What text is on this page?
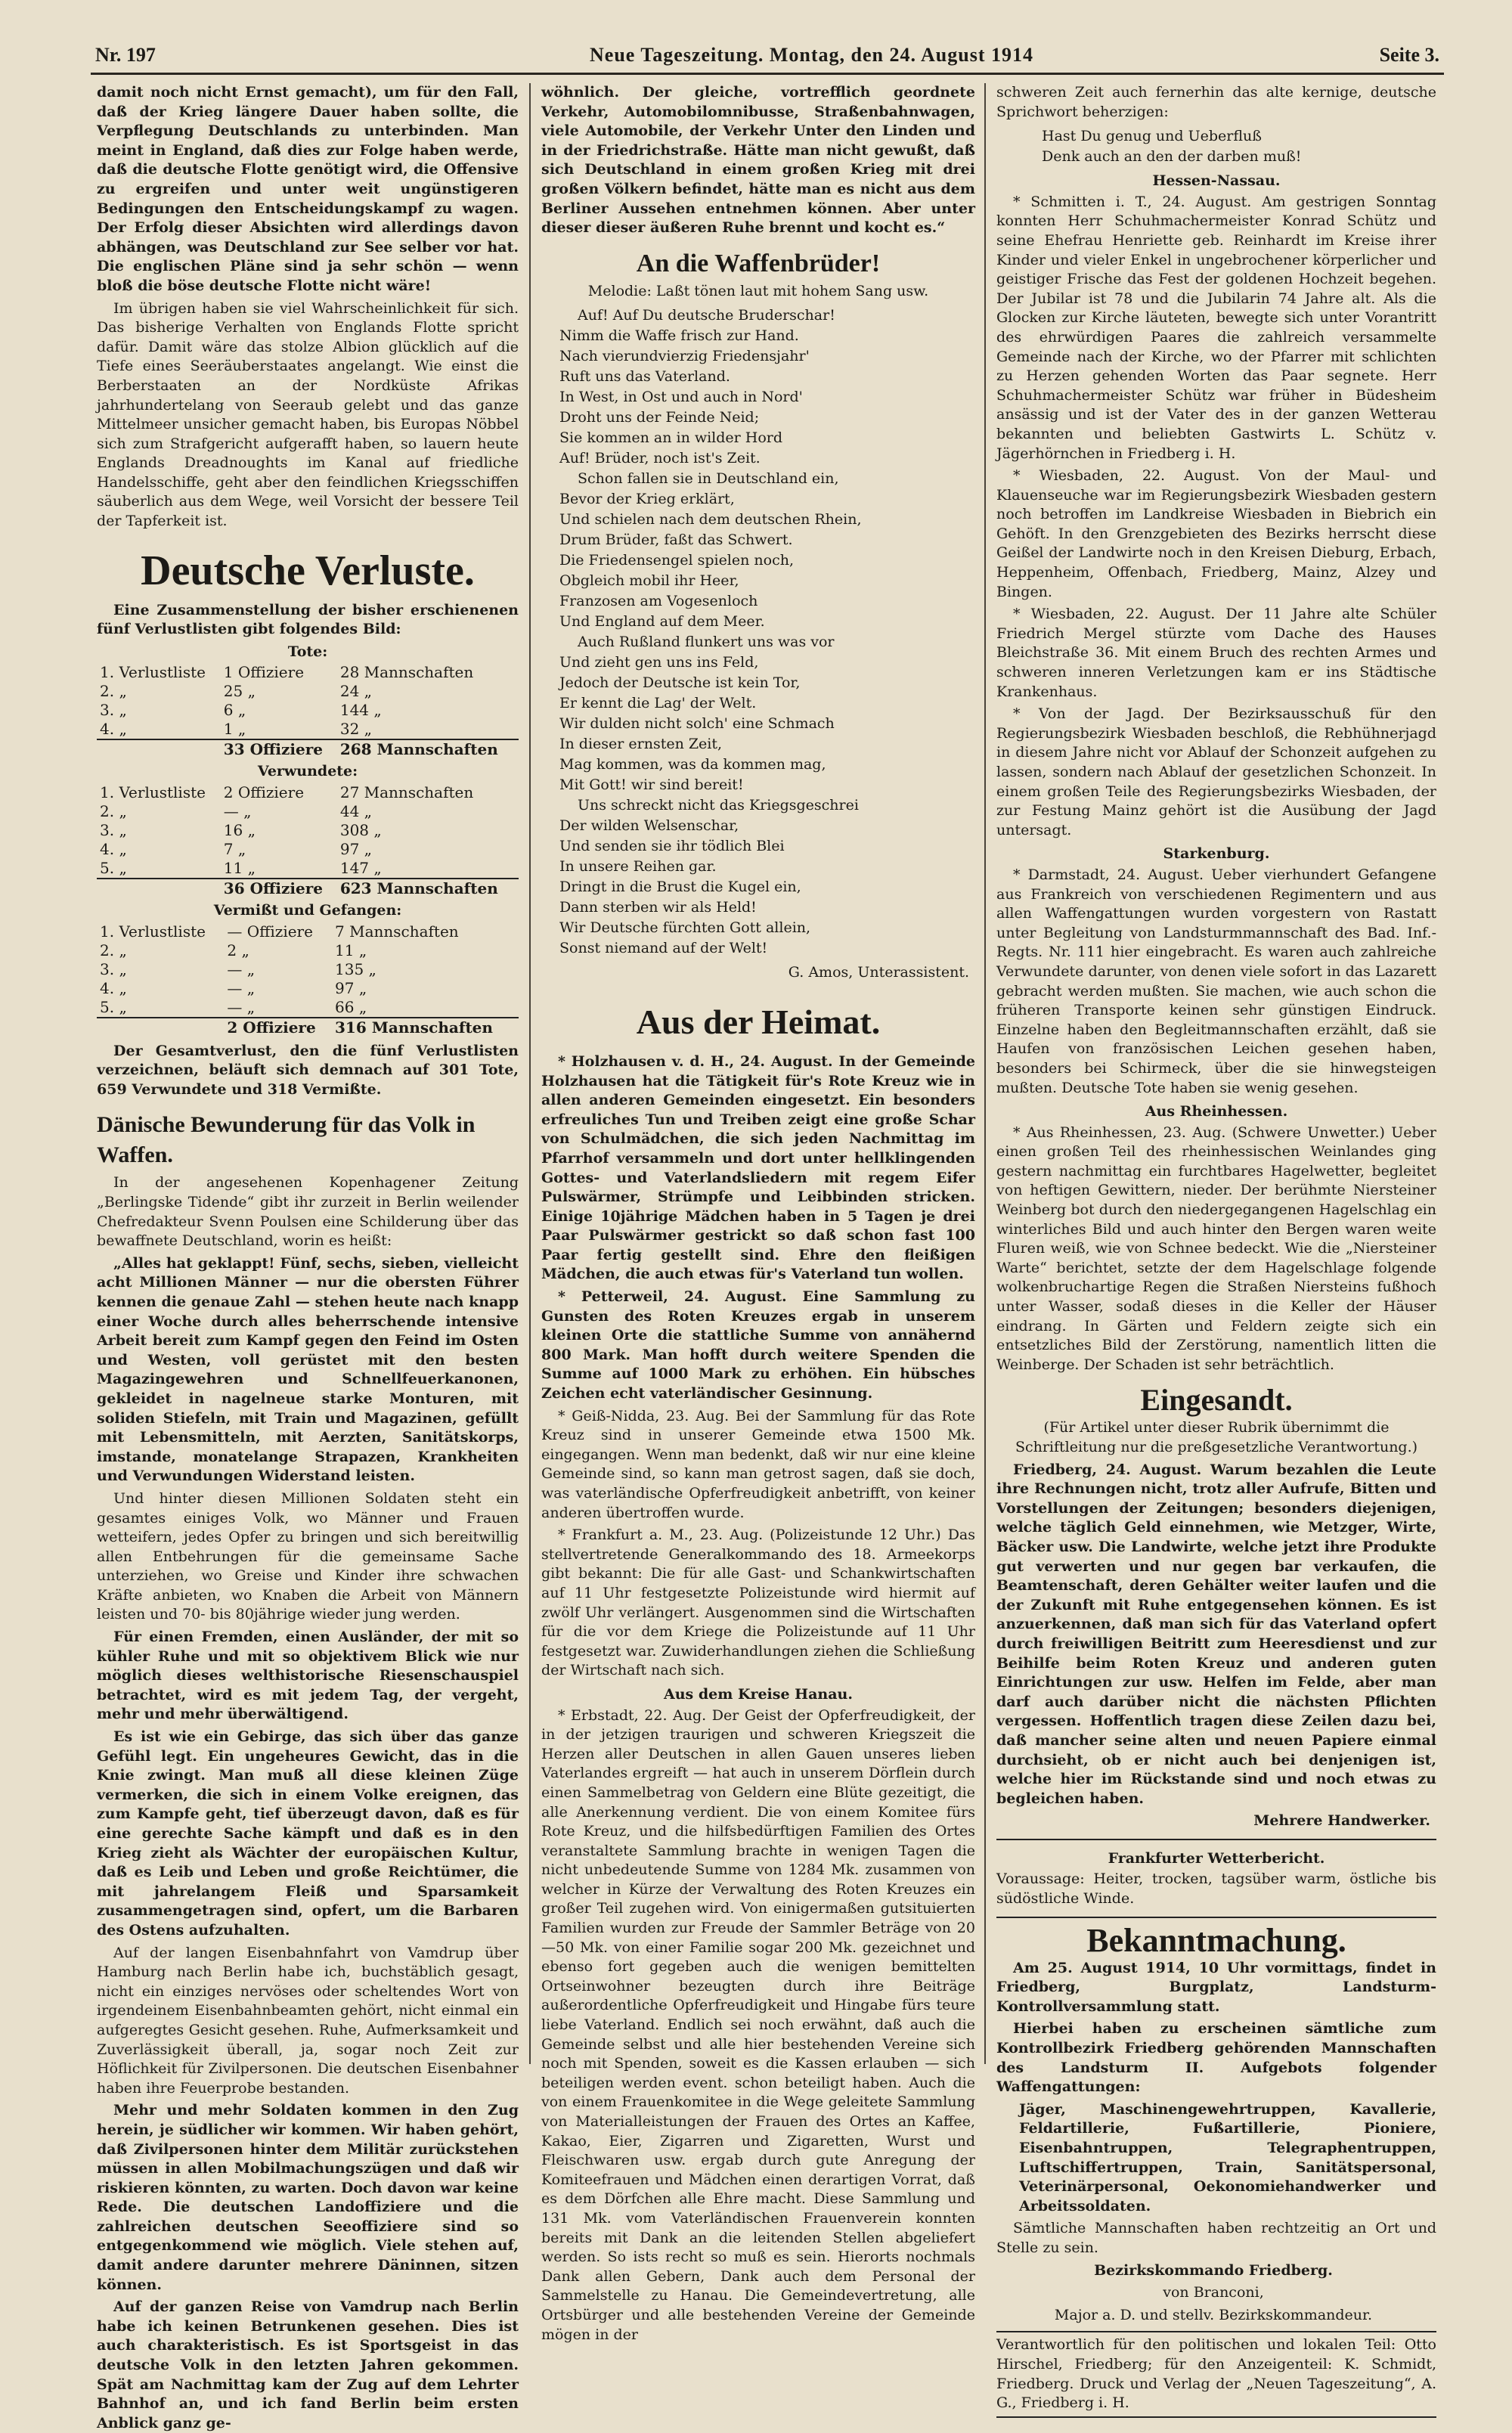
Nr. 197	Neue Tageszeitung. Montag, den 24. August 1914	Seite 3.

damit noch nicht Ernst gemacht), um für den Fall, daß der Krieg längere Dauer haben sollte, die Verpflegung Deutschlands zu unterbinden. Man meint in England, daß dies zur Folge haben werde, daß die deutsche Flotte genötigt wird, die Offensive zu ergreifen und unter weit ungünstigeren Bedingungen den Entscheidungskampf zu wagen. Der Erfolg dieser Absichten wird allerdings davon abhängen, was Deutschland zur See selber vor hat. Die englischen Pläne sind ja sehr schön — wenn bloß die böse deutsche Flotte nicht wäre!

Im übrigen haben sie viel Wahrscheinlichkeit für sich. Das bisherige Verhalten von Englands Flotte spricht dafür. Damit wäre das stolze Albion glücklich auf die Tiefe eines Seeräuberstaates angelangt. Wie einst die Berberstaaten an der Nordküste Afrikas jahrhundertelang von Seeraub gelebt und das ganze Mittelmeer unsicher gemacht haben, bis Europas Nöbbel sich zum Strafgericht aufgerafft haben, so lauern heute Englands Dreadnoughts im Kanal auf friedliche Handelsschiffe, geht aber den feindlichen Kriegsschiffen säuberlich aus dem Wege, weil Vorsicht der bessere Teil der Tapferkeit ist.

Deutsche Verluste.

Eine Zusammenstellung der bisher erschienenen fünf Verlustlisten gibt folgendes Bild:

Tote:
1. Verlustliste	1 Offiziere	28 Mannschaften
2. „	25 „	24 „
3. „	6 „	144 „
4. „	1 „	32 „
	33 Offiziere	268 Mannschaften
Verwundete:
1. Verlustliste	2 Offiziere	27 Mannschaften
2. „	— „	44 „
3. „	16 „	308 „
4. „	7 „	97 „
5. „	11 „	147 „
	36 Offiziere	623 Mannschaften
Vermißt und Gefangen:
1. Verlustliste	— Offiziere	7 Mannschaften
2. „	2 „	11 „
3. „	— „	135 „
4. „	— „	97 „
5. „	— „	66 „
	2 Offiziere	316 Mannschaften

Der Gesamtverlust, den die fünf Verlustlisten verzeichnen, beläuft sich demnach auf 301 Tote, 659 Verwundete und 318 Vermißte.

Dänische Bewunderung für das Volk in Waffen.

In der angesehenen Kopenhagener Zeitung „Berlingske Tidende“ gibt ihr zurzeit in Berlin weilender Chefredakteur Svenn Poulsen eine Schilderung über das bewaffnete Deutschland, worin es heißt:

„Alles hat geklappt! Fünf, sechs, sieben, vielleicht acht Millionen Männer — nur die obersten Führer kennen die genaue Zahl — stehen heute nach knapp einer Woche durch alles beherrschende intensive Arbeit bereit zum Kampf gegen den Feind im Osten und Westen, voll gerüstet mit den besten Magazingewehren und Schnellfeuerkanonen, gekleidet in nagelneue starke Monturen, mit soliden Stiefeln, mit Train und Magazinen, gefüllt mit Lebensmitteln, mit Aerzten, Sanitätskorps, imstande, monatelange Strapazen, Krankheiten und Verwundungen Widerstand leisten.

Und hinter diesen Millionen Soldaten steht ein gesamtes einiges Volk, wo Männer und Frauen wetteifern, jedes Opfer zu bringen und sich bereitwillig allen Entbehrungen für die gemeinsame Sache unterziehen, wo Greise und Kinder ihre schwachen Kräfte anbieten, wo Knaben die Arbeit von Männern leisten und 70- bis 80jährige wieder jung werden.

Für einen Fremden, einen Ausländer, der mit so kühler Ruhe und mit so objektivem Blick wie nur möglich dieses welthistorische Riesenschauspiel betrachtet, wird es mit jedem Tag, der vergeht, mehr und mehr überwältigend.

Es ist wie ein Gebirge, das sich über das ganze Gefühl legt. Ein ungeheures Gewicht, das in die Knie zwingt. Man muß all diese kleinen Züge vermerken, die sich in einem Volke ereignen, das zum Kampfe geht, tief überzeugt davon, daß es für eine gerechte Sache kämpft und daß es in den Krieg zieht als Wächter der europäischen Kultur, daß es Leib und Leben und große Reichtümer, die mit jahrelangem Fleiß und Sparsamkeit zusammengetragen sind, opfert, um die Barbaren des Ostens aufzuhalten.

Auf der langen Eisenbahnfahrt von Vamdrup über Hamburg nach Berlin habe ich, buchstäblich gesagt, nicht ein einziges nervöses oder scheltendes Wort von irgendeinem Eisenbahnbeamten gehört, nicht einmal ein aufgeregtes Gesicht gesehen. Ruhe, Aufmerksamkeit und Zuverlässigkeit überall, ja, sogar noch Zeit zur Höflichkeit für Zivilpersonen. Die deutschen Eisenbahner haben ihre Feuerprobe bestanden.

Mehr und mehr Soldaten kommen in den Zug herein, je südlicher wir kommen. Wir haben gehört, daß Zivilpersonen hinter dem Militär zurückstehen müssen in allen Mobilmachungszügen und daß wir riskieren könnten, zu warten. Doch davon war keine Rede. Die deutschen Landoffiziere und die zahlreichen deutschen Seeoffiziere sind so entgegenkommend wie möglich. Viele stehen auf, damit andere darunter mehrere Däninnen, sitzen können.

Auf der ganzen Reise von Vamdrup nach Berlin habe ich keinen Betrunkenen gesehen. Dies ist auch charakteristisch. Es ist Sportsgeist in das deutsche Volk in den letzten Jahren gekommen. Spät am Nachmittag kam der Zug auf dem Lehrter Bahnhof an, und ich fand Berlin beim ersten Anblick ganz ge-

wöhnlich. Der gleiche, vortrefflich geordnete Verkehr, Automobilomnibusse, Straßenbahnwagen, viele Automobile, der Verkehr Unter den Linden und in der Friedrichstraße. Hätte man nicht gewußt, daß sich Deutschland in einem großen Krieg mit drei großen Völkern befindet, hätte man es nicht aus dem Berliner Aussehen entnehmen können. Aber unter dieser dieser äußeren Ruhe brennt und kocht es.“

An die Waffenbrüder!

Melodie: Laßt tönen laut mit hohem Sang usw.

Auf! Auf Du deutsche Bruderschar!
Nimm die Waffe frisch zur Hand.
Nach vierundvierzig Friedensjahr'
Ruft uns das Vaterland.
In West, in Ost und auch in Nord'
Droht uns der Feinde Neid;
Sie kommen an in wilder Hord
Auf! Brüder, noch ist's Zeit.
Schon fallen sie in Deutschland ein,
Bevor der Krieg erklärt,
Und schielen nach dem deutschen Rhein,
Drum Brüder, faßt das Schwert.
Die Friedensengel spielen noch,
Obgleich mobil ihr Heer,
Franzosen am Vogesenloch
Und England auf dem Meer.
Auch Rußland flunkert uns was vor
Und zieht gen uns ins Feld,
Jedoch der Deutsche ist kein Tor,
Er kennt die Lag' der Welt.
Wir dulden nicht solch' eine Schmach
In dieser ernsten Zeit,
Mag kommen, was da kommen mag,
Mit Gott! wir sind bereit!
Uns schreckt nicht das Kriegsgeschrei
Der wilden Welsenschar,
Und senden sie ihr tödlich Blei
In unsere Reihen gar.
Dringt in die Brust die Kugel ein,
Dann sterben wir als Held!
Wir Deutsche fürchten Gott allein,
Sonst niemand auf der Welt!
G. Amos, Unterassistent.
Aus der Heimat.

* Holzhausen v. d. H., 24. August. In der Gemeinde Holzhausen hat die Tätigkeit für's Rote Kreuz wie in allen anderen Gemeinden eingesetzt. Ein besonders erfreuliches Tun und Treiben zeigt eine große Schar von Schulmädchen, die sich jeden Nachmittag im Pfarrhof versammeln und dort unter hellklingenden Gottes- und Vaterlandsliedern mit regem Eifer Pulswärmer, Strümpfe und Leibbinden stricken. Einige 10jährige Mädchen haben in 5 Tagen je drei Paar Pulswärmer gestrickt so daß schon fast 100 Paar fertig gestellt sind. Ehre den fleißigen Mädchen, die auch etwas für's Vaterland tun wollen.

* Petterweil, 24. August. Eine Sammlung zu Gunsten des Roten Kreuzes ergab in unserem kleinen Orte die stattliche Summe von annähernd 800 Mark. Man hofft durch weitere Spenden die Summe auf 1000 Mark zu erhöhen. Ein hübsches Zeichen echt vaterländischer Gesinnung.

* Geiß-Nidda, 23. Aug. Bei der Sammlung für das Rote Kreuz sind in unserer Gemeinde etwa 1500 Mk. eingegangen. Wenn man bedenkt, daß wir nur eine kleine Gemeinde sind, so kann man getrost sagen, daß sie doch, was vaterländische Opferfreudigkeit anbetrifft, von keiner anderen übertroffen wurde.

* Frankfurt a. M., 23. Aug. (Polizeistunde 12 Uhr.) Das stellvertretende Generalkommando des 18. Armeekorps gibt bekannt: Die für alle Gast- und Schankwirtschaften auf 11 Uhr festgesetzte Polizeistunde wird hiermit auf zwölf Uhr verlängert. Ausgenommen sind die Wirtschaften für die vor dem Kriege die Polizeistunde auf 11 Uhr festgesetzt war. Zuwiderhandlungen ziehen die Schließung der Wirtschaft nach sich.

Aus dem Kreise Hanau.

* Erbstadt, 22. Aug. Der Geist der Opferfreudigkeit, der in der jetzigen traurigen und schweren Kriegszeit die Herzen aller Deutschen in allen Gauen unseres lieben Vaterlandes ergreift — hat auch in unserem Dörflein durch einen Sammelbetrag von Geldern eine Blüte gezeitigt, die alle Anerkennung verdient. Die von einem Komitee fürs Rote Kreuz, und die hilfsbedürftigen Familien des Ortes veranstaltete Sammlung brachte in wenigen Tagen die nicht unbedeutende Summe von 1284 Mk. zusammen von welcher in Kürze der Verwaltung des Roten Kreuzes ein großer Teil zugehen wird. Von einigermaßen gutsituierten Familien wurden zur Freude der Sammler Beträge von 20—50 Mk. von einer Familie sogar 200 Mk. gezeichnet und ebenso fort gegeben auch die wenigen bemittelten Ortseinwohner bezeugten durch ihre Beiträge außerordentliche Opferfreudigkeit und Hingabe fürs teure liebe Vaterland. Endlich sei noch erwähnt, daß auch die Gemeinde selbst und alle hier bestehenden Vereine sich noch mit Spenden, soweit es die Kassen erlauben — sich beteiligen werden event. schon beteiligt haben. Auch die von einem Frauenkomitee in die Wege geleitete Sammlung von Materialleistungen der Frauen des Ortes an Kaffee, Kakao, Eier, Zigarren und Zigaretten, Wurst und Fleischwaren usw. ergab durch gute Anregung der Komiteefrauen und Mädchen einen derartigen Vorrat, daß es dem Dörfchen alle Ehre macht. Diese Sammlung und 131 Mk. vom Vaterländischen Frauenverein konnten bereits mit Dank an die leitenden Stellen abgeliefert werden. So ists recht so muß es sein. Hierorts nochmals Dank allen Gebern, Dank auch dem Personal der Sammelstelle zu Hanau. Die Gemeindevertretung, alle Ortsbürger und alle bestehenden Vereine der Gemeinde mögen in der

schweren Zeit auch fernerhin das alte kernige, deutsche Sprichwort beherzigen:

Hast Du genug und Ueberfluß
Denk auch an den der darben muß!
Hessen-Nassau.

* Schmitten i. T., 24. August. Am gestrigen Sonntag konnten Herr Schuhmachermeister Konrad Schütz und seine Ehefrau Henriette geb. Reinhardt im Kreise ihrer Kinder und vieler Enkel in ungebrochener körperlicher und geistiger Frische das Fest der goldenen Hochzeit begehen. Der Jubilar ist 78 und die Jubilarin 74 Jahre alt. Als die Glocken zur Kirche läuteten, bewegte sich unter Vorantritt des ehrwürdigen Paares die zahlreich versammelte Gemeinde nach der Kirche, wo der Pfarrer mit schlichten zu Herzen gehenden Worten das Paar segnete. Herr Schuhmachermeister Schütz war früher in Büdesheim ansässig und ist der Vater des in der ganzen Wetterau bekannten und beliebten Gastwirts L. Schütz v. Jägerhörnchen in Friedberg i. H.

* Wiesbaden, 22. August. Von der Maul- und Klauenseuche war im Regierungsbezirk Wiesbaden gestern noch betroffen im Landkreise Wiesbaden in Biebrich ein Gehöft. In den Grenzgebieten des Bezirks herrscht diese Geißel der Landwirte noch in den Kreisen Dieburg, Erbach, Heppenheim, Offenbach, Friedberg, Mainz, Alzey und Bingen.

* Wiesbaden, 22. August. Der 11 Jahre alte Schüler Friedrich Mergel stürzte vom Dache des Hauses Bleichstraße 36. Mit einem Bruch des rechten Armes und schweren inneren Verletzungen kam er ins Städtische Krankenhaus.

* Von der Jagd. Der Bezirksausschuß für den Regierungsbezirk Wiesbaden beschloß, die Rebhühnerjagd in diesem Jahre nicht vor Ablauf der Schonzeit aufgehen zu lassen, sondern nach Ablauf der gesetzlichen Schonzeit. In einem großen Teile des Regierungsbezirks Wiesbaden, der zur Festung Mainz gehört ist die Ausübung der Jagd untersagt.

Starkenburg.

* Darmstadt, 24. August. Ueber vierhundert Gefangene aus Frankreich von verschiedenen Regimentern und aus allen Waffengattungen wurden vorgestern von Rastatt unter Begleitung von Landsturmmannschaft des Bad. Inf.-Regts. Nr. 111 hier eingebracht. Es waren auch zahlreiche Verwundete darunter, von denen viele sofort in das Lazarett gebracht werden mußten. Sie machen, wie auch schon die früheren Transporte keinen sehr günstigen Eindruck. Einzelne haben den Begleitmannschaften erzählt, daß sie Haufen von französischen Leichen gesehen haben, besonders bei Schirmeck, über die sie hinwegsteigen mußten. Deutsche Tote haben sie wenig gesehen.

Aus Rheinhessen.

* Aus Rheinhessen, 23. Aug. (Schwere Unwetter.) Ueber einen großen Teil des rheinhessischen Weinlandes ging gestern nachmittag ein furchtbares Hagelwetter, begleitet von heftigen Gewittern, nieder. Der berühmte Niersteiner Weinberg bot durch den niedergegangenen Hagelschlag ein winterliches Bild und auch hinter den Bergen waren weite Fluren weiß, wie von Schnee bedeckt. Wie die „Niersteiner Warte“ berichtet, setzte der dem Hagelschlage folgende wolkenbruchartige Regen die Straßen Niersteins fußhoch unter Wasser, sodaß dieses in die Keller der Häuser eindrang. In Gärten und Feldern zeigte sich ein entsetzliches Bild der Zerstörung, namentlich litten die Weinberge. Der Schaden ist sehr beträchtlich.

Eingesandt.

(Für Artikel unter dieser Rubrik übernimmt die Schriftleitung nur die preßgesetzliche Verantwortung.)

Friedberg, 24. August. Warum bezahlen die Leute ihre Rechnungen nicht, trotz aller Aufrufe, Bitten und Vorstellungen der Zeitungen; besonders diejenigen, welche täglich Geld einnehmen, wie Metzger, Wirte, Bäcker usw. Die Landwirte, welche jetzt ihre Produkte gut verwerten und nur gegen bar verkaufen, die Beamtenschaft, deren Gehälter weiter laufen und die der Zukunft mit Ruhe entgegensehen können. Es ist anzuerkennen, daß man sich für das Vaterland opfert durch freiwilligen Beitritt zum Heeresdienst und zur Beihilfe beim Roten Kreuz und anderen guten Einrichtungen zur usw. Helfen im Felde, aber man darf auch darüber nicht die nächsten Pflichten vergessen. Hoffentlich tragen diese Zeilen dazu bei, daß mancher seine alten und neuen Papiere einmal durchsieht, ob er nicht auch bei denjenigen ist, welche hier im Rückstande sind und noch etwas zu begleichen haben.

Mehrere Handwerker.
Frankfurter Wetterbericht.

Voraussage: Heiter, trocken, tagsüber warm, östliche bis südöstliche Winde.

Bekanntmachung.

Am 25. August 1914, 10 Uhr vormittags, findet in Friedberg, Burgplatz, Landsturm-Kontrollversammlung statt.

Hierbei haben zu erscheinen sämtliche zum Kontrollbezirk Friedberg gehörenden Mannschaften des Landsturm II. Aufgebots folgender Waffengattungen:

Jäger, Maschinengewehrtruppen, Kavallerie, Feldartillerie, Fußartillerie, Pioniere, Eisenbahntruppen, Telegraphentruppen, Luftschiffertruppen, Train, Sanitätspersonal, Veterinärpersonal, Oekonomiehandwerker und Arbeitssoldaten.

Sämtliche Mannschaften haben rechtzeitig an Ort und Stelle zu sein.

Bezirkskommando Friedberg.
von Branconi,
Major a. D. und stellv. Bezirkskommandeur.

Verantwortlich für den politischen und lokalen Teil: Otto Hirschel, Friedberg; für den Anzeigenteil: K. Schmidt, Friedberg. Druck und Verlag der „Neuen Tageszeitung“, A. G., Friedberg i. H.
